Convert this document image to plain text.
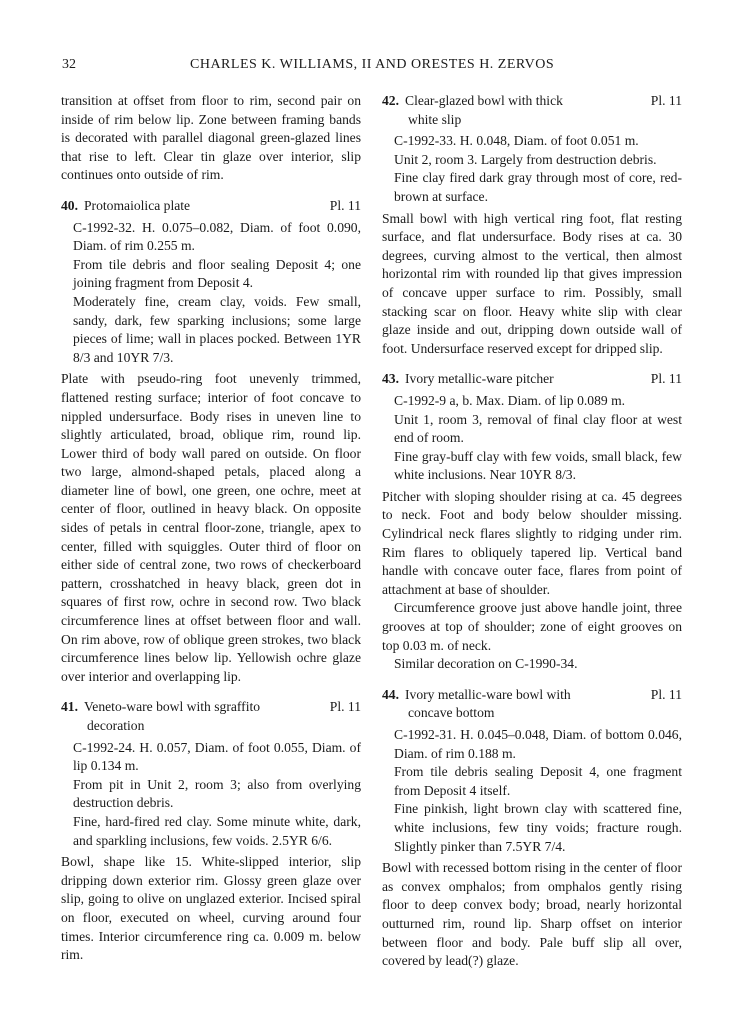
32	CHARLES K. WILLIAMS, II AND ORESTES H. ZERVOS

transition at offset from floor to rim, second pair on inside of rim below lip. Zone between framing bands is decorated with parallel diagonal green-glazed lines that rise to left. Clear tin glaze over interior, slip continues onto outside of rim.

40. Protomaiolica plate	Pl. 11

C-1992-32. H. 0.075–0.082, Diam. of foot 0.090, Diam. of rim 0.255 m.

From tile debris and floor sealing Deposit 4; one joining fragment from Deposit 4.

Moderately fine, cream clay, voids. Few small, sandy, dark, few sparking inclusions; some large pieces of lime; wall in places pocked. Between 1YR 8/3 and 10YR 7/3.

Plate with pseudo-ring foot unevenly trimmed, flattened resting surface; interior of foot concave to nippled undersurface. Body rises in uneven line to slightly articulated, broad, oblique rim, round lip. Lower third of body wall pared on outside. On floor two large, almond-shaped petals, placed along a diameter line of bowl, one green, one ochre, meet at center of floor, outlined in heavy black. On opposite sides of petals in central floor-zone, triangle, apex to center, filled with squiggles. Outer third of floor on either side of central zone, two rows of checkerboard pattern, crosshatched in heavy black, green dot in squares of first row, ochre in second row. Two black circumference lines at offset between floor and wall. On rim above, row of oblique green strokes, two black circumference lines below lip. Yellowish ochre glaze over interior and overlapping lip.

41. Veneto-ware bowl with sgraffito
decoration
Pl. 11

C-1992-24. H. 0.057, Diam. of foot 0.055, Diam. of lip 0.134 m.

From pit in Unit 2, room 3; also from overlying destruction debris.

Fine, hard-fired red clay. Some minute white, dark, and sparkling inclusions, few voids. 2.5YR 6/6.

Bowl, shape like 15. White-slipped interior, slip dripping down exterior rim. Glossy green glaze over slip, going to olive on unglazed exterior. Incised spiral on floor, executed on wheel, curving around four times. Interior circumference ring ca. 0.009 m. below rim.

42. Clear-glazed bowl with thick
white slip
Pl. 11

C-1992-33. H. 0.048, Diam. of foot 0.051 m.

Unit 2, room 3. Largely from destruction debris.

Fine clay fired dark gray through most of core, red-brown at surface.

Small bowl with high vertical ring foot, flat resting surface, and flat undersurface. Body rises at ca. 30 degrees, curving almost to the vertical, then almost horizontal rim with rounded lip that gives impression of concave upper surface to rim. Possibly, small stacking scar on floor. Heavy white slip with clear glaze inside and out, dripping down outside wall of foot. Undersurface reserved except for dripped slip.

43. Ivory metallic-ware pitcher	Pl. 11

C-1992-9 a, b. Max. Diam. of lip 0.089 m.

Unit 1, room 3, removal of final clay floor at west end of room.

Fine gray-buff clay with few voids, small black, few white inclusions. Near 10YR 8/3.

Pitcher with sloping shoulder rising at ca. 45 degrees to neck. Foot and body below shoulder missing. Cylindrical neck flares slightly to ridging under rim. Rim flares to obliquely tapered lip. Vertical band handle with concave outer face, flares from point of attachment at base of shoulder.

Circumference groove just above handle joint, three grooves at top of shoulder; zone of eight grooves on top 0.03 m. of neck.

Similar decoration on C-1990-34.

44. Ivory metallic-ware bowl with
concave bottom
Pl. 11

C-1992-31. H. 0.045–0.048, Diam. of bottom 0.046, Diam. of rim 0.188 m.

From tile debris sealing Deposit 4, one fragment from Deposit 4 itself.

Fine pinkish, light brown clay with scattered fine, white inclusions, few tiny voids; fracture rough. Slightly pinker than 7.5YR 7/4.

Bowl with recessed bottom rising in the center of floor as convex omphalos; from omphalos gently rising floor to deep convex body; broad, nearly horizontal outturned rim, round lip. Sharp offset on interior between floor and body. Pale buff slip all over, covered by lead(?) glaze.
